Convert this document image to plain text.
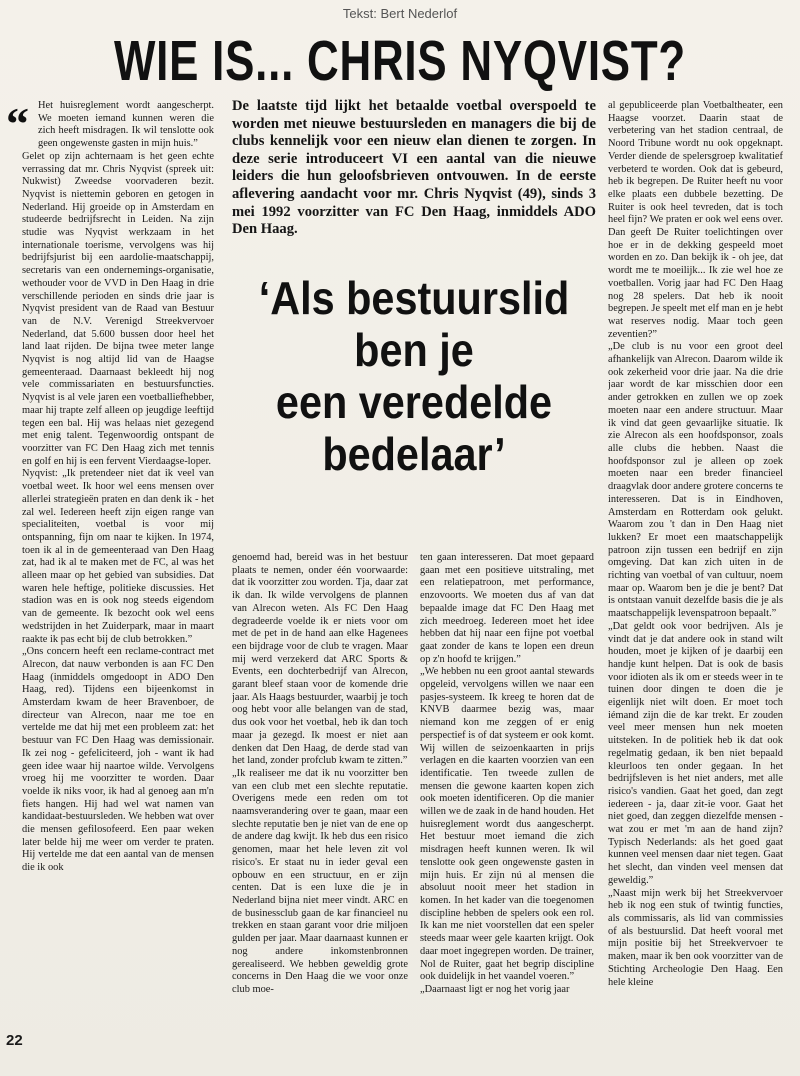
Tekst: Bert Nederlof
WIE IS... CHRIS NYQVIST?
“ Het huisreglement wordt aangescherpt. We moeten iemand kunnen weren die zich heeft misdragen. Ik wil tenslotte ook geen ongewenste gasten in mijn huis.”

Gelet op zijn achternaam is het geen echte verrassing dat mr. Chris Nyqvist (spreek uit: Nukwist) Zweedse voorvaderen bezit. Nyqvist is niettemin geboren en getogen in Nederland. Hij groeide op in Amsterdam en studeerde bedrijfsrecht in Leiden. Na zijn studie was Nyqvist werkzaam in het internationale toerisme, vervolgens was hij bedrijfsjurist bij een aardolie-maatschappij, secretaris van een ondernemings-organisatie, wethouder voor de VVD in Den Haag in drie verschillende perioden en sinds drie jaar is Nyqvist president van de Raad van Bestuur van de N.V. Verenigd Streekvervoer Nederland, dat 5.600 bussen door heel het land laat rijden. De bijna twee meter lange Nyqvist is nog altijd lid van de Haagse gemeenteraad. Daarnaast bekleedt hij nog vele commissariaten en bestuursfuncties. Nyqvist is al vele jaren een voetballiefhebber, maar hij trapte zelf alleen op jeugdige leeftijd tegen een bal. Hij was helaas niet gezegend met enig talent. Tegenwoordig ontspant de voorzitter van FC Den Haag zich met tennis en golf en hij is een fervent Vierdaagse-loper.

Nyqvist: „Ik pretendeer niet dat ik veel van voetbal weet. Ik hoor wel eens mensen over allerlei strategieën praten en dan denk ik - het zal wel. Iedereen heeft zijn eigen range van specialiteiten, voetbal is voor mij ontspanning, fijn om naar te kijken. In 1974, toen ik al in de gemeenteraad van Den Haag zat, had ik al te maken met de FC, al was het alleen maar op het gebied van subsidies. Dat waren hele heftige, politieke discussies. Het stadion was en is ook nog steeds eigendom van de gemeente. Ik bezocht ook wel eens wedstrijden in het Zuiderpark, maar in maart raakte ik pas echt bij de club betrokken.”

„Ons concern heeft een reclame-contract met Alrecon, dat nauw verbonden is aan FC Den Haag (inmiddels omgedoopt in ADO Den Haag, red). Tijdens een bijeenkomst in Amsterdam kwam de heer Bravenboer, de directeur van Alrecon, naar me toe en vertelde me dat hij met een probleem zat: het bestuur van FC Den Haag was demissionair. Ik zei nog - gefeliciteerd, joh - want ik had geen idee waar hij naartoe wilde. Vervolgens vroeg hij me voorzitter te worden. Daar voelde ik niks voor, ik had al genoeg aan m'n fiets hangen. Hij had wel wat namen van kandidaat-bestuursleden. We hebben wat over die mensen gefilosofeerd. Een paar weken later belde hij me weer om verder te praten. Hij vertelde me dat een aantal van de mensen die ik ook

De laatste tijd lijkt het betaalde voetbal overspoeld te worden met nieuwe bestuursleden en managers die bij de clubs kennelijk voor een nieuw elan dienen te zorgen. In deze serie introduceert VI een aantal van die nieuwe leiders die hun geloofsbrieven ontvouwen. In de eerste aflevering aandacht voor mr. Chris Nyqvist (49), sinds 3 mei 1992 voorzitter van FC Den Haag, inmiddels ADO Den Haag.
‘Als bestuurslid
ben je
een veredelde
bedelaar’

genoemd had, bereid was in het bestuur plaats te nemen, onder één voorwaarde: dat ik voorzitter zou worden. Tja, daar zat ik dan. Ik wilde vervolgens de plannen van Alrecon weten. Als FC Den Haag degradeerde voelde ik er niets voor om met de pet in de hand aan elke Hagenees een bijdrage voor de club te vragen. Maar mij werd verzekerd dat ARC Sports & Events, een dochterbedrijf van Alrecon, garant bleef staan voor de komende drie jaar. Als Haags bestuurder, waarbij je toch oog hebt voor alle belangen van de stad, dus ook voor het voetbal, heb ik dan toch maar ja gezegd. Ik moest er niet aan denken dat Den Haag, de derde stad van het land, zonder profclub kwam te zitten.”

„Ik realiseer me dat ik nu voorzitter ben van een club met een slechte reputatie. Overigens mede een reden om tot naamsverandering over te gaan, maar een slechte reputatie ben je niet van de ene op de andere dag kwijt. Ik heb dus een risico genomen, maar het hele leven zit vol risico's. Er staat nu in ieder geval een opbouw en een structuur, en er zijn centen. Dat is een luxe die je in Nederland bijna niet meer vindt. ARC en de businessclub gaan de kar financieel nu trekken en staan garant voor drie miljoen gulden per jaar. Maar daarnaast kunnen er nog andere inkomstenbronnen gerealiseerd. We hebben geweldig grote concerns in Den Haag die we voor onze club moe-

ten gaan interesseren. Dat moet gepaard gaan met een positieve uitstraling, met een relatiepatroon, met performance, enzovoorts. We moeten dus af van dat bepaalde image dat FC Den Haag met zich meedroeg. Iedereen moet het idee hebben dat hij naar een fijne pot voetbal gaat zonder de kans te lopen een dreun op z'n hoofd te krijgen.”

„We hebben nu een groot aantal stewards opgeleid, vervolgens willen we naar een pasjes-systeem. Ik kreeg te horen dat de KNVB daarmee bezig was, maar niemand kon me zeggen of er enig perspectief is of dat systeem er ook komt. Wij willen de seizoenkaarten in prijs verlagen en die kaarten voorzien van een identificatie. Ten tweede zullen de mensen die gewone kaarten kopen zich ook moeten identificeren. Op die manier willen we de zaak in de hand houden. Het huisreglement wordt dus aangescherpt. Het bestuur moet iemand die zich misdragen heeft kunnen weren. Ik wil tenslotte ook geen ongewenste gasten in mijn huis. Er zijn nú al mensen die absoluut nooit meer het stadion in komen. In het kader van die toegenomen discipline hebben de spelers ook een rol. Ik kan me niet voorstellen dat een speler steeds maar weer gele kaarten krijgt. Ook daar moet ingegrepen worden. De trainer, Nol de Ruiter, gaat het begrip discipline ook duidelijk in het vaandel voeren.”

„Daarnaast ligt er nog het vorig jaar

al gepubliceerde plan Voetbaltheater, een Haagse voorzet. Daarin staat de verbetering van het stadion centraal, de Noord Tribune wordt nu ook opgeknapt. Verder diende de spelersgroep kwalitatief verbeterd te worden. Ook dat is gebeurd, heb ik begrepen. De Ruiter heeft nu voor elke plaats een dubbele bezetting. De Ruiter is ook heel tevreden, dat is toch heel fijn? We praten er ook wel eens over. Dan geeft De Ruiter toelichtingen over hoe er in de dekking gespeeld moet worden en zo. Dan bekijk ik - oh jee, dat wordt me te moeilijk... Ik zie wel hoe ze voetballen. Vorig jaar had FC Den Haag nog 28 spelers. Dat heb ik nooit begrepen. Je speelt met elf man en je hebt wat reserves nodig. Maar toch geen zeventien?”

„De club is nu voor een groot deel afhankelijk van Alrecon. Daarom wilde ik ook zekerheid voor drie jaar. Na die drie jaar wordt de kar misschien door een ander getrokken en zullen we op zoek moeten naar een andere structuur. Maar ik vind dat geen gevaarlijke situatie. Ik zie Alrecon als een hoofdsponsor, zoals alle clubs die hebben. Naast die hoofdsponsor zul je alleen op zoek moeten naar een breder financieel draagvlak door andere grotere concerns te interesseren. Dat is in Eindhoven, Amsterdam en Rotterdam ook gelukt. Waarom zou 't dan in Den Haag niet lukken? Er moet een maatschappelijk patroon zijn tussen een bedrijf en zijn omgeving. Dat kan zich uiten in de richting van voetbal of van cultuur, noem maar op. Waarom ben je die je bent? Dat is ontstaan vanuit dezelfde basis die je als maatschappelijk levenspatroon bepaalt.”

„Dat geldt ook voor bedrijven. Als je vindt dat je dat andere ook in stand wilt houden, moet je kijken of je daarbij een handje kunt helpen. Dat is ook de basis voor idioten als ik om er steeds weer in te tuinen door dingen te doen die je eigenlijk niet wilt doen. Er moet toch iémand zijn die de kar trekt. Er zouden veel meer mensen hun nek moeten uitsteken. In de politiek heb ik dat ook regelmatig gedaan, ik ben niet bepaald kleurloos ten onder gegaan. In het bedrijfsleven is het niet anders, met alle risico's vandien. Gaat het goed, dan zegt iedereen - ja, daar zit-ie voor. Gaat het niet goed, dan zeggen diezelfde mensen - wat zou er met 'm aan de hand zijn? Typisch Nederlands: als het goed gaat kunnen veel mensen daar niet tegen. Gaat het slecht, dan vinden veel mensen dat geweldig.”

„Naast mijn werk bij het Streekvervoer heb ik nog een stuk of twintig functies, als commissaris, als lid van commissies of als bestuurslid. Dat heeft vooral met mijn positie bij het Streekvervoer te maken, maar ik ben ook voorzitter van de Stichting Archeologie Den Haag. Een hele kleine

22
